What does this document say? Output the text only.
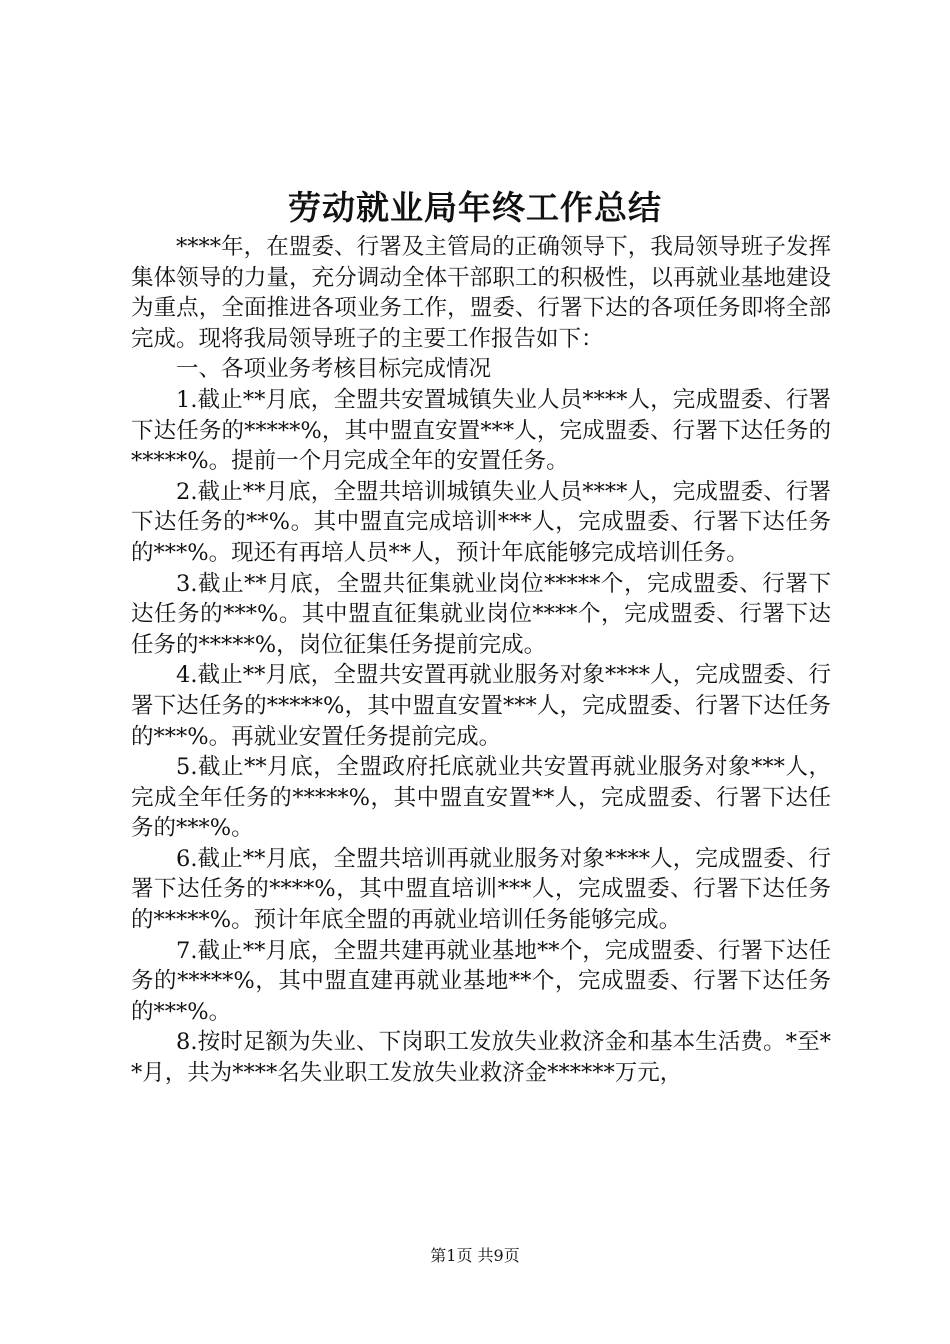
劳动就业局年终工作总结

****年，在盟委、行署及主管局的正确领导下，我局领导班子发挥集体领导的力量，充分调动全体干部职工的积极性，以再就业基地建设为重点，全面推进各项业务工作，盟委、行署下达的各项任务即将全部完成。现将我局领导班子的主要工作报告如下：

一、各项业务考核目标完成情况

1.截止**月底，全盟共安置城镇失业人员****人，完成盟委、行署下达任务的*****%，其中盟直安置***人，完成盟委、行署下达任务的*****%。提前一个月完成全年的安置任务。

2.截止**月底，全盟共培训城镇失业人员****人，完成盟委、行署下达任务的**%。其中盟直完成培训***人，完成盟委、行署下达任务的***%。现还有再培人员**人，预计年底能够完成培训任务。

3.截止**月底，全盟共征集就业岗位*****个，完成盟委、行署下达任务的***%。其中盟直征集就业岗位****个，完成盟委、行署下达任务的*****%，岗位征集任务提前完成。

4.截止**月底，全盟共安置再就业服务对象****人，完成盟委、行署下达任务的*****%，其中盟直安置***人，完成盟委、行署下达任务的***%。再就业安置任务提前完成。

5.截止**月底，全盟政府托底就业共安置再就业服务对象***人，完成全年任务的*****%，其中盟直安置**人，完成盟委、行署下达任务的***%。

6.截止**月底，全盟共培训再就业服务对象****人，完成盟委、行署下达任务的****%，其中盟直培训***人，完成盟委、行署下达任务的*****%。预计年底全盟的再就业培训任务能够完成。

7.截止**月底，全盟共建再就业基地**个，完成盟委、行署下达任务的*****%，其中盟直建再就业基地**个，完成盟委、行署下达任务的***%。

8.按时足额为失业、下岗职工发放失业救济金和基本生活费。*至**月，共为****名失业职工发放失业救济金******万元，

第1页 共9页
